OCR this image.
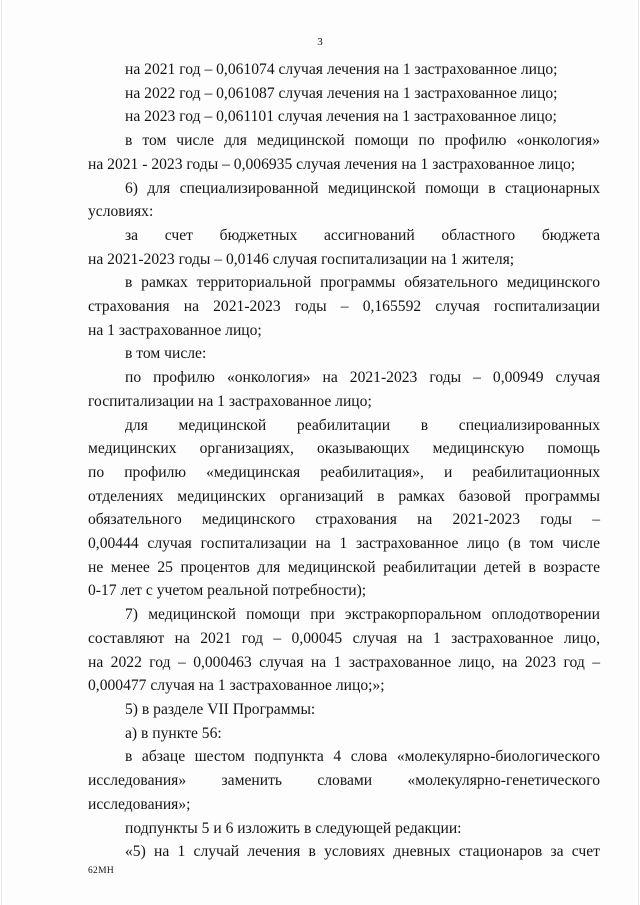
3

на 2021 год – 0,061074 случая лечения на 1 застрахованное лицо;

на 2022 год – 0,061087 случая лечения на 1 застрахованное лицо;

на 2023 год – 0,061101 случая лечения на 1 застрахованное лицо;

в том числе для медицинской помощи по профилю «онкология»

на 2021 - 2023 годы – 0,006935 случая лечения на 1 застрахованное лицо;

6) для специализированной медицинской помощи в стационарных

условиях:

за счет бюджетных ассигнований областного бюджета

на 2021-2023 годы – 0,0146 случая госпитализации на 1 жителя;

в рамках территориальной программы обязательного медицинского

страхования на 2021-2023 годы – 0,165592 случая госпитализации

на 1 застрахованное лицо;

в том числе:

по профилю «онкология» на 2021-2023 годы – 0,00949 случая

госпитализации на 1 застрахованное лицо;

для медицинской реабилитации в специализированных

медицинских организациях, оказывающих медицинскую помощь

по профилю «медицинская реабилитация», и реабилитационных

отделениях медицинских организаций в рамках базовой программы

обязательного медицинского страхования на 2021-2023 годы –

0,00444 случая госпитализации на 1 застрахованное лицо (в том числе

не менее 25 процентов для медицинской реабилитации детей в возрасте

0-17 лет с учетом реальной потребности);

7) медицинской помощи при экстракорпоральном оплодотворении

составляют на 2021 год – 0,00045 случая на 1 застрахованное лицо,

на 2022 год – 0,000463 случая на 1 застрахованное лицо, на 2023 год –

0,000477 случая на 1 застрахованное лицо;»;

5) в разделе VII Программы:

а) в пункте 56:

в абзаце шестом подпункта 4 слова «молекулярно-биологического

исследования» заменить словами «молекулярно-генетического

исследования»;

подпункты 5 и 6 изложить в следующей редакции:

«5) на 1 случай лечения в условиях дневных стационаров за счет

62МН
